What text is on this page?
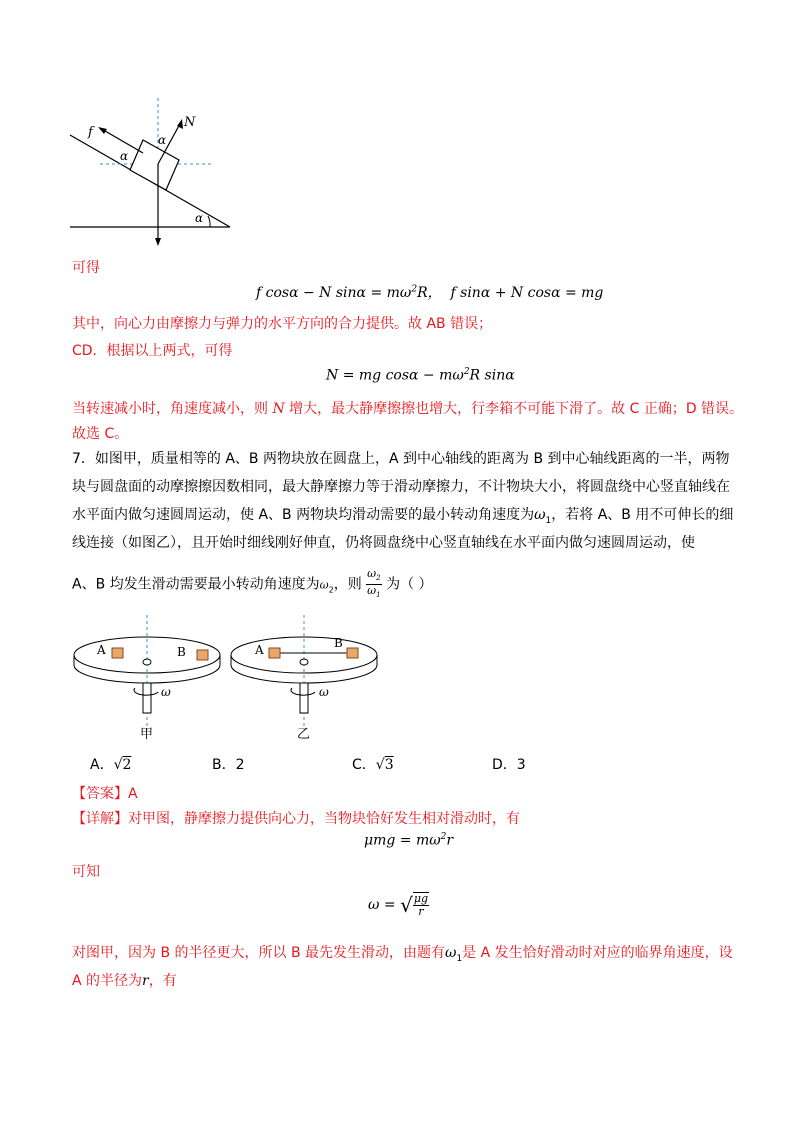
f
N
α
α
α
可得
f cosα − N $\sin\alpha = m\omega^2R$， f sinα + N cosα = mg
其中，向心力由摩擦力与弹力的水平方向的合力提供。故 AB 错误；
CD．根据以上两式，可得
N = mg $\cos\alpha - m\omega^2R$ sinα
当转速减小时，角速度减小，则 N 增大，最大静摩擦擦也增大，行李箱不可能下滑了。故 C 正确；D 错误。
故选 C。
7．如图甲，质量相等的 A、B 两物块放在圆盘上，A 到中心轴线的距离为 B 到中心轴线距离的一半，两物
块与圆盘面的动摩擦擦因数相同，最大静摩擦力等于滑动摩擦力，不计物块大小，将圆盘绕中心竖直轴线在
水平面内做匀速圆周运动，使 A、B 两物块均滑动需要的最小转动角速度为$\omega_1$，若将 A、B 用不可伸长的细
线连接（如图乙），且开始时细线刚好伸直，仍将圆盘绕中心竖直轴线在水平面内做匀速圆周运动，使
A、B 均发生滑动需要最小转动角速度为$\omega_2$，则 $\frac{\omega_2}{\omega_1}$ 为（ ）
A	B
ω
甲
A	B
ω
乙
A．√2	B．2	C．√3	D．3
【答案】A
【详解】对甲图，静摩擦力提供向心力，当物块恰好发生相对滑动时，有
$\mu mg = m\omega^2r$
可知
ω = √ $\frac{\mu g}{r}$
对图甲，因为 B 的半径更大，所以 B 最先发生滑动，由题有$\omega_1$是 A 发生恰好滑动时对应的临界角速度，设
A 的半径为r，有
